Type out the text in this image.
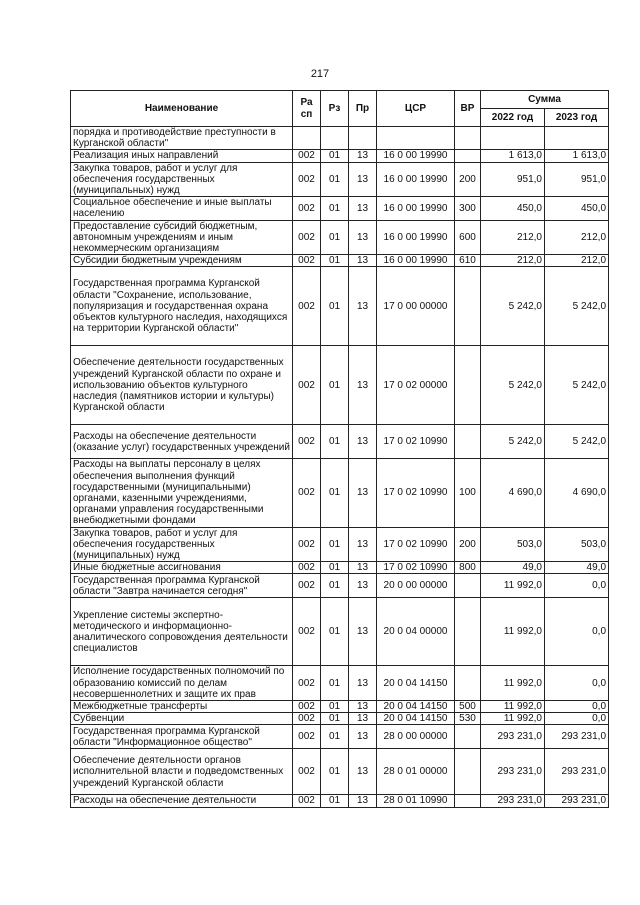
217
Наименование	Ра сп	Рз	Пр	ЦСР	ВР	Сумма	
						2022 год	2023 год
порядка и противодействие преступности в Курганской области"							
Реализация иных направлений	002	01	13	16 0 00 19990		1 613,0	1 613,0
Закупка товаров, работ и услуг для обеспечения государственных (муниципальных) нужд	002	01	13	16 0 00 19990	200	951,0	951,0
Социальное обеспечение и иные выплаты населению	002	01	13	16 0 00 19990	300	450,0	450,0
Предоставление субсидий бюджетным, автономным учреждениям и иным некоммерческим организациям	002	01	13	16 0 00 19990	600	212,0	212,0
Субсидии бюджетным учреждениям	002	01	13	16 0 00 19990	610	212,0	212,0
Государственная программа Курганской области "Сохранение, использование, популяризация и государственная охрана объектов культурного наследия, находящихся на территории Курганской области"	002	01	13	17 0 00 00000		5 242,0	5 242,0
Обеспечение деятельности государственных учреждений Курганской области по охране и использованию объектов культурного наследия (памятников истории и культуры) Курганской области	002	01	13	17 0 02 00000		5 242,0	5 242,0
Расходы на обеспечение деятельности (оказание услуг) государственных учреждений	002	01	13	17 0 02 10990		5 242,0	5 242,0
Расходы на выплаты персоналу в целях обеспечения выполнения функций государственными (муниципальными) органами, казенными учреждениями, органами управления государственными внебюджетными фондами	002	01	13	17 0 02 10990	100	4 690,0	4 690,0
Закупка товаров, работ и услуг для обеспечения государственных (муниципальных) нужд	002	01	13	17 0 02 10990	200	503,0	503,0
Иные бюджетные ассигнования	002	01	13	17 0 02 10990	800	49,0	49,0
Государственная программа Курганской области "Завтра начинается сегодня"	002	01	13	20 0 00 00000		11 992,0	0,0
Укрепление системы экспертно-методического и информационно-аналитического сопровождения деятельности специалистов	002	01	13	20 0 04 00000		11 992,0	0,0
Исполнение государственных полномочий по образованию комиссий по делам несовершеннолетних и защите их прав	002	01	13	20 0 04 14150		11 992,0	0,0
Межбюджетные трансферты	002	01	13	20 0 04 14150	500	11 992,0	0,0
Субвенции	002	01	13	20 0 04 14150	530	11 992,0	0,0
Государственная программа Курганской области "Информационное общество"	002	01	13	28 0 00 00000		293 231,0	293 231,0
Обеспечение деятельности органов исполнительной власти и подведомственных учреждений Курганской области	002	01	13	28 0 01 00000		293 231,0	293 231,0
Расходы на обеспечение деятельности	002	01	13	28 0 01 10990		293 231,0	293 231,0
